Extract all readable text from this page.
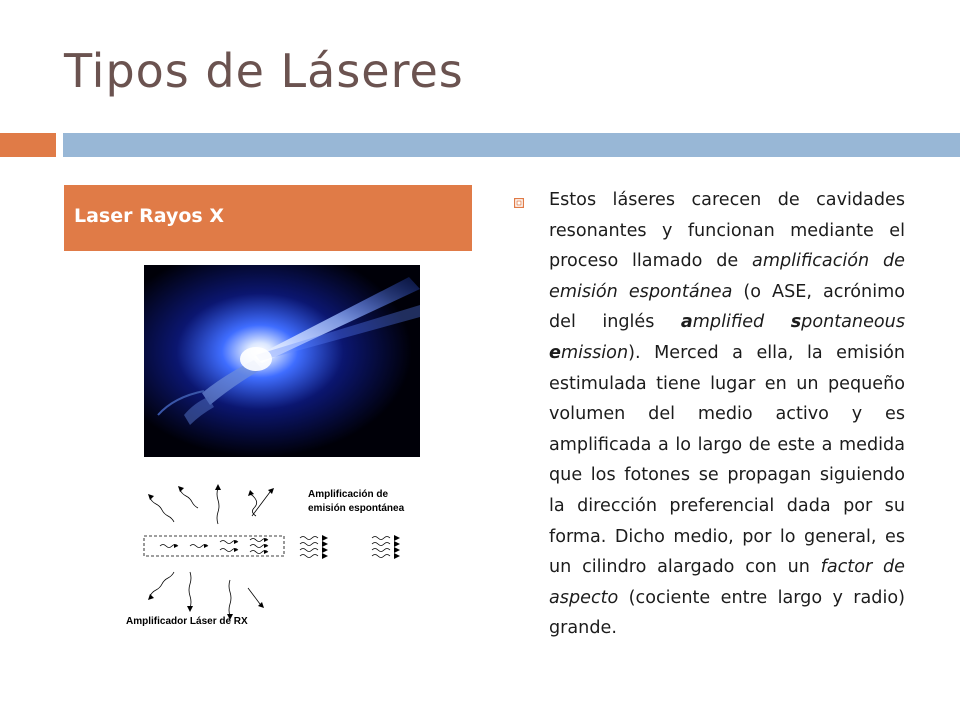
Tipos de Láseres
Laser Rayos X
Amplificación de
emisión espontánea
Amplificador Láser de RX

Estos láseres carecen de cavidades resonantes y funcionan mediante el proceso llamado de amplificación de emisión espontánea (o ASE, acrónimo del inglés amplified spontaneous emission). Merced a ella, la emisión estimulada tiene lugar en un pequeño volumen del medio activo y es amplificada a lo largo de este a medida que los fotones se propagan siguiendo la dirección preferencial dada por su forma. Dicho medio, por lo general, es un cilindro alargado con un factor de aspecto (cociente entre largo y radio) grande.
